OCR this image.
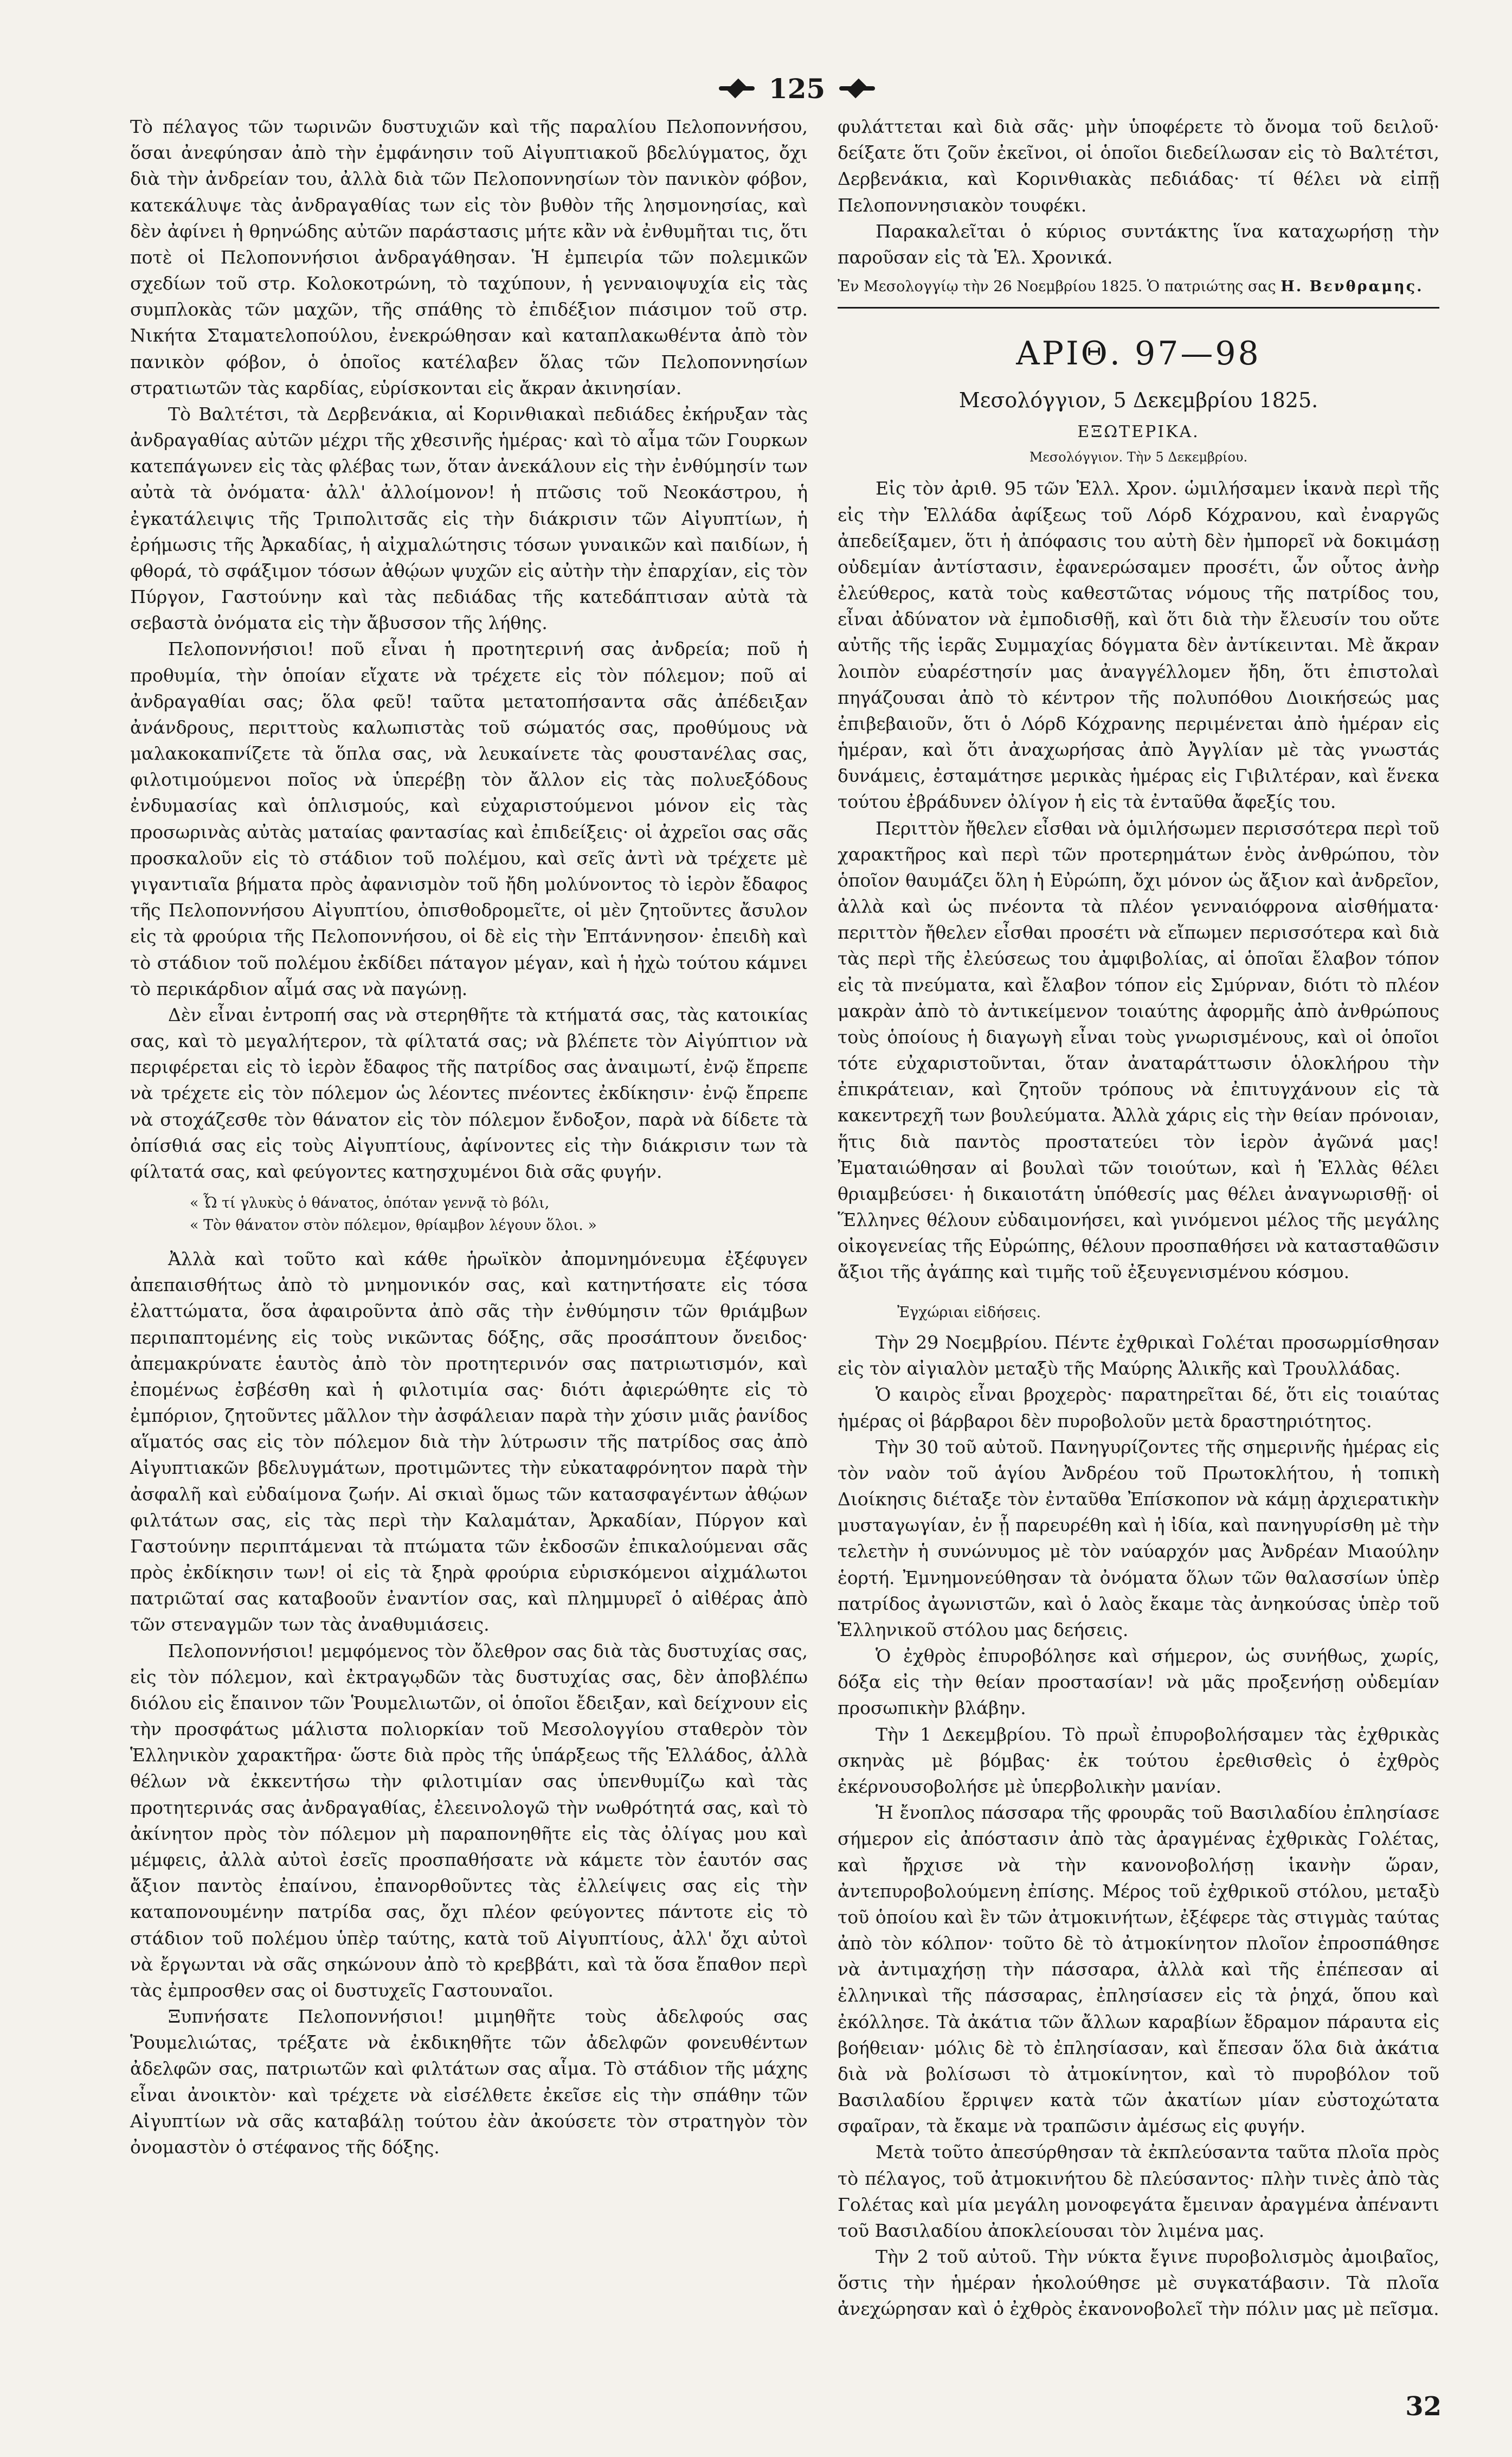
125

Τὸ πέλαγος τῶν τωρινῶν δυστυχιῶν καὶ τῆς παραλίου Πελοποννήσου, ὅσαι ἀνεφύησαν ἀπὸ τὴν ἐμφάνησιν τοῦ Αἰγυπτιακοῦ βδελύγματος, ὄχι διὰ τὴν ἀνδρείαν του, ἀλλὰ διὰ τῶν Πελοποννησίων τὸν πανικὸν φόβον, κατεκάλυψε τὰς ἀνδραγαθίας των εἰς τὸν βυθὸν τῆς λησμονησίας, καὶ δὲν ἀφίνει ἡ θρηνώδης αὐτῶν παράστασις μήτε κἂν νὰ ἐνθυμῆται τις, ὅτι ποτὲ οἱ Πελοποννήσιοι ἀνδραγάθησαν. Ἡ ἐμπειρία τῶν πολεμικῶν σχεδίων τοῦ στρ. Κολοκοτρώνη, τὸ ταχύπουν, ἡ γενναιοψυχία εἰς τὰς συμπλοκὰς τῶν μαχῶν, τῆς σπάθης τὸ ἐπιδέξιον πιάσιμον τοῦ στρ. Νικήτα Σταματελοπούλου, ἐνεκρώθησαν καὶ καταπλακωθέντα ἀπὸ τὸν πανικὸν φόβον, ὁ ὁποῖος κατέλαβεν ὅλας τῶν Πελοποννησίων στρατιωτῶν τὰς καρδίας, εὑρίσκονται εἰς ἄκραν ἀκινησίαν.

Τὸ Βαλτέτσι, τὰ Δερβενάκια, αἱ Κορινθιακαὶ πεδιάδες ἐκήρυξαν τὰς ἀνδραγαθίας αὐτῶν μέχρι τῆς χθεσινῆς ἡμέρας· καὶ τὸ αἷμα τῶν Γουρκων κατεπάγωνεν εἰς τὰς φλέβας των, ὅταν ἀνεκάλουν εἰς τὴν ἐνθύμησίν των αὐτὰ τὰ ὀνόματα· ἀλλ' ἀλλοίμονον! ἡ πτῶσις τοῦ Νεοκάστρου, ἡ ἐγκατάλειψις τῆς Τριπολιτσᾶς εἰς τὴν διάκρισιν τῶν Αἰγυπτίων, ἡ ἐρήμωσις τῆς Ἀρκαδίας, ἡ αἰχμαλώτησις τόσων γυναικῶν καὶ παιδίων, ἡ φθορά, τὸ σφάξιμον τόσων ἀθῴων ψυχῶν εἰς αὐτὴν τὴν ἐπαρχίαν, εἰς τὸν Πύργον, Γαστούνην καὶ τὰς πεδιάδας τῆς κατεδάπτισαν αὐτὰ τὰ σεβαστὰ ὀνόματα εἰς τὴν ἄβυσσον τῆς λήθης.

Πελοποννήσιοι! ποῦ εἶναι ἡ προτητερινή σας ἀνδρεία; ποῦ ἡ προθυμία, τὴν ὁποίαν εἴχατε νὰ τρέχετε εἰς τὸν πόλεμον; ποῦ αἱ ἀνδραγαθίαι σας; ὅλα φεῦ! ταῦτα μετατοπήσαντα σᾶς ἀπέδειξαν ἀνάνδρους, περιττοὺς καλωπιστὰς τοῦ σώματός σας, προθύμους νὰ μαλακοκαπνίζετε τὰ ὅπλα σας, νὰ λευκαίνετε τὰς φουστανέλας σας, φιλοτιμούμενοι ποῖος νὰ ὑπερέβῃ τὸν ἄλλον εἰς τὰς πολυεξόδους ἐνδυμασίας καὶ ὁπλισμούς, καὶ εὐχαριστούμενοι μόνον εἰς τὰς προσωρινὰς αὐτὰς ματαίας φαντασίας καὶ ἐπιδείξεις· οἱ ἀχρεῖοι σας σᾶς προσκαλοῦν εἰς τὸ στάδιον τοῦ πολέμου, καὶ σεῖς ἀντὶ νὰ τρέχετε μὲ γιγαντιαῖα βήματα πρὸς ἀφανισμὸν τοῦ ἤδη μολύνοντος τὸ ἱερὸν ἔδαφος τῆς Πελοποννήσου Αἰγυπτίου, ὀπισθοδρομεῖτε, οἱ μὲν ζητοῦντες ἄσυλον εἰς τὰ φρούρια τῆς Πελοποννήσου, οἱ δὲ εἰς τὴν Ἑπτάννησον· ἐπειδὴ καὶ τὸ στάδιον τοῦ πολέμου ἐκδίδει πάταγον μέγαν, καὶ ἡ ἠχὼ τούτου κάμνει τὸ περικάρδιον αἷμά σας νὰ παγώνῃ.

Δὲν εἶναι ἐντροπή σας νὰ στερηθῆτε τὰ κτήματά σας, τὰς κατοικίας σας, καὶ τὸ μεγαλήτερον, τὰ φίλτατά σας; νὰ βλέπετε τὸν Αἰγύπτιον νὰ περιφέρεται εἰς τὸ ἱερὸν ἔδαφος τῆς πατρίδος σας ἀναιμωτί, ἐνῷ ἔπρεπε νὰ τρέχετε εἰς τὸν πόλεμον ὡς λέοντες πνέοντες ἐκδίκησιν· ἐνῷ ἔπρεπε νὰ στοχάζεσθε τὸν θάνατον εἰς τὸν πόλεμον ἔνδοξον, παρὰ νὰ δίδετε τὰ ὀπίσθιά σας εἰς τοὺς Αἰγυπτίους, ἀφίνοντες εἰς τὴν διάκρισιν των τὰ φίλτατά σας, καὶ φεύγοντες κατησχυμένοι διὰ σᾶς φυγήν.

« Ὦ τί γλυκὺς ὁ θάνατος, ὁπόταν γεννᾷ τὸ βόλι,
« Τὸν θάνατον στὸν πόλεμον, θρίαμβον λέγουν ὅλοι. »

Ἀλλὰ καὶ τοῦτο καὶ κάθε ἡρωϊκὸν ἀπομνημόνευμα ἐξέφυγεν ἀπεπαισθήτως ἀπὸ τὸ μνημονικόν σας, καὶ κατηντήσατε εἰς τόσα ἐλαττώματα, ὅσα ἀφαιροῦντα ἀπὸ σᾶς τὴν ἐνθύμησιν τῶν θριάμβων περιπαπτομένης εἰς τοὺς νικῶντας δόξης, σᾶς προσάπτουν ὄνειδος· ἀπεμακρύνατε ἑαυτὸς ἀπὸ τὸν προτητερινόν σας πατριωτισμόν, καὶ ἐπομένως ἐσβέσθη καὶ ἡ φιλοτιμία σας· διότι ἀφιερώθητε εἰς τὸ ἐμπόριον, ζητοῦντες μᾶλλον τὴν ἀσφάλειαν παρὰ τὴν χύσιν μιᾶς ῥανίδος αἵματός σας εἰς τὸν πόλεμον διὰ τὴν λύτρωσιν τῆς πατρίδος σας ἀπὸ Αἰγυπτιακῶν βδελυγμάτων, προτιμῶντες τὴν εὐκαταφρόνητον παρὰ τὴν ἀσφαλῆ καὶ εὐδαίμονα ζωήν. Αἱ σκιαὶ ὅμως τῶν κατασφαγέντων ἀθῴων φιλτάτων σας, εἰς τὰς περὶ τὴν Καλαμάταν, Ἀρκαδίαν, Πύργον καὶ Γαστούνην περιπτάμεναι τὰ πτώματα τῶν ἐκδοσῶν ἐπικαλούμεναι σᾶς πρὸς ἐκδίκησιν των! οἱ εἰς τὰ ξηρὰ φρούρια εὑρισκόμενοι αἰχμάλωτοι πατριῶταί σας καταβοοῦν ἐναντίον σας, καὶ πλημμυρεῖ ὁ αἰθέρας ἀπὸ τῶν στεναγμῶν των τὰς ἀναθυμιάσεις.

Πελοποννήσιοι! μεμφόμενος τὸν ὄλεθρον σας διὰ τὰς δυστυχίας σας, εἰς τὸν πόλεμον, καὶ ἐκτραγῳδῶν τὰς δυστυχίας σας, δὲν ἀποβλέπω διόλου εἰς ἔπαινον τῶν Ῥουμελιωτῶν, οἱ ὁποῖοι ἔδειξαν, καὶ δείχνουν εἰς τὴν προσφάτως μάλιστα πολιορκίαν τοῦ Μεσολογγίου σταθερὸν τὸν Ἑλληνικὸν χαρακτῆρα· ὥστε διὰ πρὸς τῆς ὑπάρξεως τῆς Ἑλλάδος, ἀλλὰ θέλων νὰ ἐκκεντήσω τὴν φιλοτιμίαν σας ὑπενθυμίζω καὶ τὰς προτητερινάς σας ἀνδραγαθίας, ἐλεεινολογῶ τὴν νωθρότητά σας, καὶ τὸ ἀκίνητον πρὸς τὸν πόλεμον μὴ παραπονηθῆτε εἰς τὰς ὀλίγας μου καὶ μέμφεις, ἀλλὰ αὐτοὶ ἐσεῖς προσπαθήσατε νὰ κάμετε τὸν ἑαυτόν σας ἄξιον παντὸς ἐπαίνου, ἐπανορθοῦντες τὰς ἐλλείψεις σας εἰς τὴν καταπονουμένην πατρίδα σας, ὄχι πλέον φεύγοντες πάντοτε εἰς τὸ στάδιον τοῦ πολέμου ὑπὲρ ταύτης, κατὰ τοῦ Αἰγυπτίους, ἀλλ' ὄχι αὐτοὶ νὰ ἔργωνται νὰ σᾶς σηκώνουν ἀπὸ τὸ κρεββάτι, καὶ τὰ ὅσα ἔπαθον περὶ τὰς ἐμπροσθεν σας οἱ δυστυχεῖς Γαστουναῖοι.

Ξυπνήσατε Πελοποννήσιοι! μιμηθῆτε τοὺς ἀδελφούς σας Ῥουμελιώτας, τρέξατε νὰ ἐκδικηθῆτε τῶν ἀδελφῶν φονευθέντων ἀδελφῶν σας, πατριωτῶν καὶ φιλτάτων σας αἷμα. Τὸ στάδιον τῆς μάχης εἶναι ἀνοικτὸν· καὶ τρέχετε νὰ εἰσέλθετε ἐκεῖσε εἰς τὴν σπάθην τῶν Αἰγυπτίων νὰ σᾶς καταβάλῃ τούτου ἐὰν ἀκούσετε τὸν στρατηγὸν τὸν ὀνομαστὸν ὁ στέφανος τῆς δόξης.

φυλάττεται καὶ διὰ σᾶς· μὴν ὑποφέρετε τὸ ὄνομα τοῦ δειλοῦ· δείξατε ὅτι ζοῦν ἐκεῖνοι, οἱ ὁποῖοι διεδείλωσαν εἰς τὸ Βαλτέτσι, Δερβενάκια, καὶ Κορινθιακὰς πεδιάδας· τί θέλει νὰ εἰπῇ Πελοποννησιακὸν τουφέκι.

Παρακαλεῖται ὁ κύριος συντάκτης ἵνα καταχωρήσῃ τὴν παροῦσαν εἰς τὰ Ἑλ. Χρονικά.

Ἐν Μεσολογγίῳ τὴν 26 Νοεμβρίου 1825. Ὁ πατριώτης σας Η. Βενθραμης.
ΑΡΙΘ. 97—98
Μεσολόγγιον, 5 Δεκεμβρίου 1825.
ΕΞΩΤΕΡΙΚΑ.
Μεσολόγγιον. Τὴν 5 Δεκεμβρίου.

Εἰς τὸν ἀριθ. 95 τῶν Ἑλλ. Χρον. ὡμιλήσαμεν ἱκανὰ περὶ τῆς εἰς τὴν Ἑλλάδα ἀφίξεως τοῦ Λόρδ Κόχρανου, καὶ ἐναργῶς ἀπεδείξαμεν, ὅτι ἡ ἀπόφασις του αὐτὴ δὲν ἠμπορεῖ νὰ δοκιμάσῃ οὐδεμίαν ἀντίστασιν, ἐφανερώσαμεν προσέτι, ὧν οὗτος ἀνὴρ ἐλεύθερος, κατὰ τοὺς καθεστῶτας νόμους τῆς πατρίδος του, εἶναι ἀδύνατον νὰ ἐμποδισθῇ, καὶ ὅτι διὰ τὴν ἔλευσίν του οὔτε αὐτῆς τῆς ἱερᾶς Συμμαχίας δόγματα δὲν ἀντίκεινται. Μὲ ἄκραν λοιπὸν εὐαρέστησίν μας ἀναγγέλλομεν ἤδη, ὅτι ἐπιστολαὶ πηγάζουσαι ἀπὸ τὸ κέντρον τῆς πολυπόθου Διοικήσεώς μας ἐπιβεβαιοῦν, ὅτι ὁ Λόρδ Κόχρανης περιμένεται ἀπὸ ἡμέραν εἰς ἡμέραν, καὶ ὅτι ἀναχωρήσας ἀπὸ Ἀγγλίαν μὲ τὰς γνωστάς δυνάμεις, ἐσταμάτησε μερικὰς ἡμέρας εἰς Γιβιλτέραν, καὶ ἕνεκα τούτου ἐβράδυνεν ὀλίγον ἡ εἰς τὰ ἐνταῦθα ἄφεξίς του.

Περιττὸν ἤθελεν εἶσθαι νὰ ὁμιλήσωμεν περισσότερα περὶ τοῦ χαρακτῆρος καὶ περὶ τῶν προτερημάτων ἑνὸς ἀνθρώπου, τὸν ὁποῖον θαυμάζει ὅλη ἡ Εὐρώπη, ὄχι μόνον ὡς ἄξιον καὶ ἀνδρεῖον, ἀλλὰ καὶ ὡς πνέοντα τὰ πλέον γενναιόφρονα αἰσθήματα· περιττὸν ἤθελεν εἶσθαι προσέτι νὰ εἴπωμεν περισσότερα καὶ διὰ τὰς περὶ τῆς ἐλεύσεως του ἀμφιβολίας, αἱ ὁποῖαι ἔλαβον τόπον εἰς τὰ πνεύματα, καὶ ἔλαβον τόπον εἰς Σμύρναν, διότι τὸ πλέον μακρὰν ἀπὸ τὸ ἀντικείμενον τοιαύτης ἀφορμῆς ἀπὸ ἀνθρώπους τοὺς ὁποίους ἡ διαγωγὴ εἶναι τοὺς γνωρισμένους, καὶ οἱ ὁποῖοι τότε εὐχαριστοῦνται, ὅταν ἀναταράττωσιν ὁλοκλήρου τὴν ἐπικράτειαν, καὶ ζητοῦν τρόπους νὰ ἐπιτυγχάνουν εἰς τὰ κακεντρεχῆ των βουλεύματα. Ἀλλὰ χάρις εἰς τὴν θείαν πρόνοιαν, ἥτις διὰ παντὸς προστατεύει τὸν ἱερὸν ἀγῶνά μας! Ἐματαιώθησαν αἱ βουλαὶ τῶν τοιούτων, καὶ ἡ Ἑλλὰς θέλει θριαμβεύσει· ἡ δικαιοτάτη ὑπόθεσίς μας θέλει ἀναγνωρισθῇ· οἱ Ἕλληνες θέλουν εὐδαιμονήσει, καὶ γινόμενοι μέλος τῆς μεγάλης οἰκογενείας τῆς Εὐρώπης, θέλουν προσπαθήσει νὰ κατασταθῶσιν ἄξιοι τῆς ἀγάπης καὶ τιμῆς τοῦ ἐξευγενισμένου κόσμου.

Ἐγχώριαι εἰδήσεις.

Τὴν 29 Νοεμβρίου. Πέντε ἐχθρικαὶ Γολέται προσωρμίσθησαν εἰς τὸν αἰγιαλὸν μεταξὺ τῆς Μαύρης Ἁλικῆς καὶ Τρουλλάδας.

Ὁ καιρὸς εἶναι βροχερὸς· παρατηρεῖται δέ, ὅτι εἰς τοιαύτας ἡμέρας οἱ βάρβαροι δὲν πυροβολοῦν μετὰ δραστηριότητος.

Τὴν 30 τοῦ αὐτοῦ. Πανηγυρίζοντες τῆς σημερινῆς ἡμέρας εἰς τὸν ναὸν τοῦ ἁγίου Ἀνδρέου τοῦ Πρωτοκλήτου, ἡ τοπικὴ Διοίκησις διέταξε τὸν ἐνταῦθα Ἐπίσκοπον νὰ κάμῃ ἀρχιερατικὴν μυσταγωγίαν, ἐν ᾗ παρευρέθη καὶ ἡ ἰδία, καὶ πανηγυρίσθη μὲ τὴν τελετὴν ἡ συνώνυμος μὲ τὸν ναύαρχόν μας Ἀνδρέαν Μιαούλην ἑορτή. Ἐμνημονεύθησαν τὰ ὀνόματα ὅλων τῶν θαλασσίων ὑπὲρ πατρίδος ἀγωνιστῶν, καὶ ὁ λαὸς ἔκαμε τὰς ἀνηκούσας ὑπὲρ τοῦ Ἑλληνικοῦ στόλου μας δεήσεις.

Ὁ ἐχθρὸς ἐπυροβόλησε καὶ σήμερον, ὡς συνήθως, χωρίς, δόξα εἰς τὴν θείαν προστασίαν! νὰ μᾶς προξενήσῃ οὐδεμίαν προσωπικὴν βλάβην.

Τὴν 1 Δεκεμβρίου. Τὸ πρωῒ ἐπυροβολήσαμεν τὰς ἐχθρικὰς σκηνὰς μὲ βόμβας· ἐκ τούτου ἐρεθισθεὶς ὁ ἐχθρὸς ἐκέρνουσοβολήσε μὲ ὑπερβολικὴν μανίαν.

Ἡ ἔνοπλος πάσσαρα τῆς φρουρᾶς τοῦ Βασιλαδίου ἐπλησίασε σήμερον εἰς ἀπόστασιν ἀπὸ τὰς ἀραγμένας ἐχθρικὰς Γολέτας, καὶ ἤρχισε νὰ τὴν κανονοβολήσῃ ἱκανὴν ὥραν, ἀντεπυροβολούμενη ἐπίσης. Μέρος τοῦ ἐχθρικοῦ στόλου, μεταξὺ τοῦ ὁποίου καὶ ἓν τῶν ἀτμοκινήτων, ἐξέφερε τὰς στιγμὰς ταύτας ἀπὸ τὸν κόλπον· τοῦτο δὲ τὸ ἀτμοκίνητον πλοῖον ἐπροσπάθησε νὰ ἀντιμαχήσῃ τὴν πάσσαρα, ἀλλὰ καὶ τῆς ἐπέπεσαν αἱ ἑλληνικαὶ τῆς πάσσαρας, ἐπλησίασεν εἰς τὰ ῥηχά, ὅπου καὶ ἐκόλλησε. Τὰ ἀκάτια τῶν ἄλλων καραβίων ἔδραμον πάραυτα εἰς βοήθειαν· μόλις δὲ τὸ ἐπλησίασαν, καὶ ἔπεσαν ὅλα διὰ ἀκάτια διὰ νὰ βολίσωσι τὸ ἀτμοκίνητον, καὶ τὸ πυροβόλον τοῦ Βασιλαδίου ἔρριψεν κατὰ τῶν ἀκατίων μίαν εὐστοχώτατα σφαῖραν, τὰ ἔκαμε νὰ τραπῶσιν ἀμέσως εἰς φυγήν.

Μετὰ τοῦτο ἀπεσύρθησαν τὰ ἐκπλεύσαντα ταῦτα πλοῖα πρὸς τὸ πέλαγος, τοῦ ἀτμοκινήτου δὲ πλεύσαντος· πλὴν τινὲς ἀπὸ τὰς Γολέτας καὶ μία μεγάλη μονοφεγάτα ἔμειναν ἀραγμένα ἀπέναντι τοῦ Βασιλαδίου ἀποκλείουσαι τὸν λιμένα μας.

Τὴν 2 τοῦ αὐτοῦ. Τὴν νύκτα ἔγινε πυροβολισμὸς ἀμοιβαῖος, ὅστις τὴν ἡμέραν ἡκολούθησε μὲ συγκατάβασιν. Τὰ πλοῖα ἀνεχώρησαν καὶ ὁ ἐχθρὸς ἐκανονοβολεῖ τὴν πόλιν μας μὲ πεῖσμα.

32
